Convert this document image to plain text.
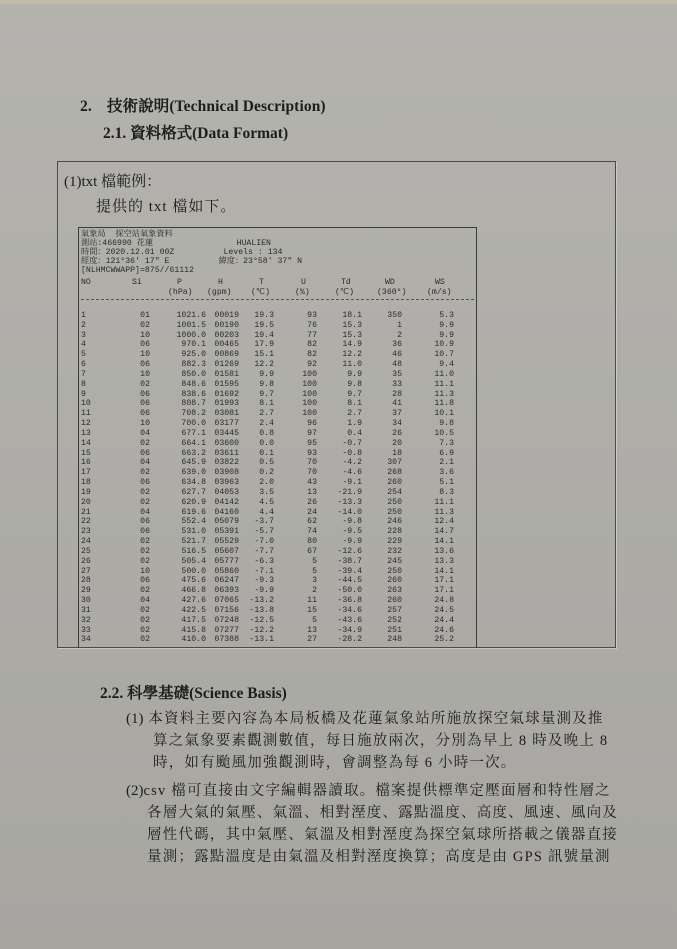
2. 技術說明(Technical Description)
2.1. 資料格式(Data Format)
(1)txt 檔範例：
提供的 txt 檔如下。
氣象局  探空站氣象資料
測站:466990 花蓮                 HUALIEN
時間：2020.12.01 00Z          Levels : 134
經度：121°36' 17" E          緯度：23°58' 37" N
[NLHMCWWAPP]=875//61112
NO	Si	P	H	T	U	Td	WD	WS
(hPa) (gpm) (℃)	(%)	(℃)	(360°)	(m/s)
1	01	1021.6 00019 19.3	93	18.1	350	5.3
2	02	1001.5 00190 19.5	76	15.3	1	9.9
3	10	1000.0 00203 19.4	77	15.3	2	9.9
4	06	970.1 00465 17.9	82	14.9	36	10.9
5	10	925.0 00869 15.1	82	12.2	46	10.7
6	06	882.3 01269 12.2	92	11.0	48	9.4
7	10	850.0 01581 9.9	100	9.9	35	11.0
8	02	848.6 01595 9.8	100	9.8	33	11.1
9	06	838.6 01692 9.7	100	9.7	28	11.3
10	06	808.7 01993 8.1	100	8.1	41	11.8
11	06	708.2 03081 2.7	100	2.7	37	10.1
12	10	700.0 03177 2.4	96	1.9	34	9.8
13	04	677.1 03445 0.8	97	0.4	26	10.5
14	02	664.1 03600 0.0	95	-0.7	20	7.3
15	06	663.2 03611 0.1	93	-0.8	18	6.9
16	04	645.9 03822 0.5	70	-4.2	307	2.1
17	02	639.0 03908 0.2	70	-4.6	268	3.6
18	06	634.8 03963 2.0	43	-9.1	260	5.1
19	02	627.7 04053 3.5	13 -21.9	254	8.3
20	02	620.9 04142 4.5	26 -13.3	250	11.1
21	04	619.6 04160 4.4	24 -14.0	250	11.3
22	06	552.4 05079 -3.7	62	-9.8	246	12.4
23	06	531.0 05391 -5.7	74	-9.5	228	14.7
24	02	521.7 05529 -7.0	80	-9.9	229	14.1
25	02	516.5 05607 -7.7	67 -12.6	232	13.6
26	02	505.4 05777 -6.3	5 -38.7	245	13.3
27	10	500.0 05860 -7.1	5 -39.4	250	14.1
28	06	475.6 06247 -9.3	3 -44.5	260	17.1
29	02	466.8 06393 -9.9	2 -50.0	263	17.1
30	04	427.6 07065 -13.2	11 -36.8	260	24.8
31	02	422.5 07156 -13.8	15 -34.6	257	24.5
32	02	417.5 07248 -12.5	5 -43.6	252	24.4
33	02	415.8 07277 -12.2	13 -34.9	251	24.6
34	02	410.0 07388 -13.1	27 -28.2	248	25.2
2.2. 科學基礎(Science Basis)
(1) 本資料主要內容為本局板橋及花蓮氣象站所施放探空氣球量測及推
算之氣象要素觀測數值，每日施放兩次，分別為早上 8 時及晚上 8
時，如有颱風加強觀測時，會調整為每 6 小時一次。
(2)csv 檔可直接由文字編輯器讀取。檔案提供標準定壓面層和特性層之
各層大氣的氣壓、氣溫、相對溼度、露點溫度、高度、風速、風向及
層性代碼，其中氣壓、氣溫及相對溼度為探空氣球所搭載之儀器直接
量測；露點溫度是由氣溫及相對溼度換算；高度是由 GPS 訊號量測
